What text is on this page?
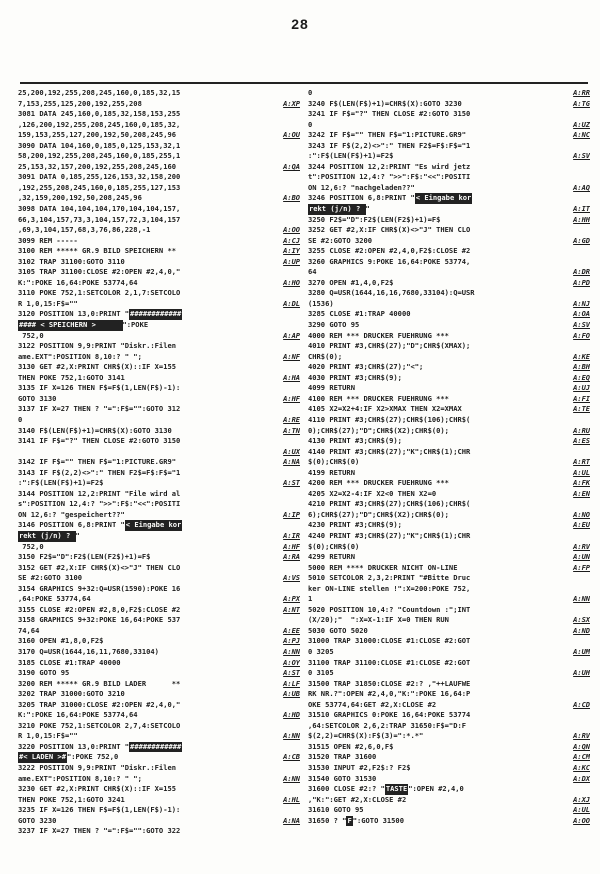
28
25,200,192,255,208,245,160,0,185,32,15
7,153,255,125,200,192,255,208	A:XP
3081 DATA 245,160,0,185,32,158,153,255
,126,200,192,255,208,245,160,0,185,32,
159,153,255,127,200,192,50,208,245,96	A:OU
3090 DATA 104,160,0,185,0,125,153,32,1
58,200,192,255,208,245,160,0,185,255,1
25,153,32,157,200,192,255,208,245,160	A:QA
3091 DATA 0,185,255,126,153,32,158,200
,192,255,208,245,160,0,185,255,127,153
,32,159,200,192,50,208,245,96	A:BO
3098 DATA 104,104,104,170,104,104,157,
66,3,104,157,73,3,104,157,72,3,104,157
,69,3,104,157,68,3,76,86,228,-1	A:OO
3099 REM -----	A:CJ
3100 REM ***** GR.9 BILD SPEICHERN **	A:IY
3102 TRAP 31100:GOTO 3110	A:UP
3105 TRAP 31100:CLOSE #2:OPEN #2,4,0,"
K:":POKE 16,64:POKE 53774,64	A:HO
3110 POKE 752,1:SETCOLOR 2,1,7:SETCOLO
R 1,0,15:F$=""	A:DL
3120 POSITION 13,0:PRINT "############
#### < SPEICHERN >      ":POKE
752,0	A:AP
3122 POSITION 9,9:PRINT "Diskr.:Filen
ame.EXT":POSITION 8,10:? " ";	A:NF
3130 GET #2,X:PRINT CHR$(X)::IF X=155
THEN POKE 752,1:GOTO 3141	A:HA
3135 IF X=126 THEN F$=F$(1,LEN(F$)-1):
GOTO 3130	A:HF
3137 IF X=27 THEN ? "=":F$="":GOTO 312
0	A:RE
3140 F$(LEN(F$)+1)=CHR$(X):GOTO 3130	A:TN
3141 IF F$="?" THEN CLOSE #2:GOTO 3150
A:UX
3142 IF F$="" THEN F$="1:PICTURE.GR9"	A:NA
3143 IF F$(2,2)<>":" THEN F2$=F$:F$="1
:":F$(LEN(F$)+1)=F2$	A:ST
3144 POSITION 12,2:PRINT "File wird al
s":POSITION 12,4:? ">>":F$:"<<":POSITI
ON 12,6:? "gespeichert??"	A:IP
3146 POSITION 6,8:PRINT "< Eingabe kor
rekt (j/n) ? "	A:IR
752,0	A:HF
3150 F2$="D":F2$(LEN(F2$)+1)=F$	A:RA
3152 GET #2,X:IF CHR$(X)<>"J" THEN CLO
SE #2:GOTO 3100	A:VS
3154 GRAPHICS 9+32:Q=USR(1590):POKE 16
,64:POKE 53774,64	A:PX
3155 CLOSE #2:OPEN #2,8,0,F2$:CLOSE #2	A:NT
3158 GRAPHICS 9+32:POKE 16,64:POKE 537
74,64	A:EE
3160 OPEN #1,8,0,F2$	A:PJ
3170 Q=USR(1644,16,11,7680,33104)	A:NN
3185 CLOSE #1:TRAP 40000	A:OY
3190 GOTO 95	A:ST
3200 REM ***** GR.9 BILD LADER      **	A:LF
3202 TRAP 31000:GOTO 3210	A:UB
3205 TRAP 31000:CLOSE #2:OPEN #2,4,0,"
K:":POKE 16,64:POKE 53774,64	A:HD
3210 POKE 752,1:SETCOLOR 2,7,4:SETCOLO
R 1,0,15:F$=""	A:NN
3220 POSITION 13,0:PRINT "############
#< LADEN >#":POKE 752,0	A:CB
3222 POSITION 9,9:PRINT "Diskr.:Filen
ame.EXT":POSITION 8,10:? " ";	A:NN
3230 GET #2,X:PRINT CHR$(X)::IF X=155
THEN POKE 752,1:GOTO 3241	A:HL
3235 IF X=126 THEN F$=F$(1,LEN(F$)-1):
GOTO 3230	A:NA
3237 IF X=27 THEN ? "=":F$="":GOTO 322
0	A:RR
3240 F$(LEN(F$)+1)=CHR$(X):GOTO 3230	A:TG
3241 IF F$="?" THEN CLOSE #2:GOTO 3150
0	A:UZ
3242 IF F$="" THEN F$="1:PICTURE.GR9"	A:NC
3243 IF F$(2,2)<>":" THEN F2$=F$:F$="1
:":F$(LEN(F$)+1)=F2$	A:SV
3244 POSITION 12,2:PRINT "Es wird jetz
t":POSITION 12,4:? ">>":F$:"<<":POSITI
ON 12,6:? "nachgeladen??"	A:AQ
3246 POSITION 6,8:PRINT "< Eingabe kor
rekt (j/n) ? "	A:IT
3250 F2$="D":F2$(LEN(F2$)+1)=F$	A:HH
3252 GET #2,X:IF CHR$(X)<>"J" THEN CLO
SE #2:GOTO 3200	A:GD
3255 CLOSE #2:OPEN #2,4,0,F2$:CLOSE #2
3260 GRAPHICS 9:POKE 16,64:POKE 53774,
64	A:DR
3270 OPEN #1,4,0,F2$	A:PD
3280 Q=USR(1644,16,16,7680,33104):Q=USR
(1536)	A:NJ
3285 CLOSE #1:TRAP 40000	A:OA
3290 GOTO 95	A:SV
4000 REM *** DRUCKER FUEHRUNG ***	A:FO
4010 PRINT #3,CHR$(27);"D";CHR$(XMAX);
CHR$(0);	A:KE
4020 PRINT #3;CHR$(27);"<";	A:BH
4030 PRINT #3;CHR$(9);	A:EQ
4099 RETURN	A:UJ
4100 REM *** DRUCKER FUEHRUNG ***	A:FI
4105 X2=X2+4:IF X2>XMAX THEN X2=XMAX	A:TE
4110 PRINT #3;CHR$(27);CHR$(106);CHR$(
0);CHR$(27);"D";CHR$(X2);CHR$(0);	A:RU
4130 PRINT #3;CHR$(9);	A:ES
4140 PRINT #3;CHR$(27);"K";CHR$(1);CHR
$(0);CHR$(0)	A:RT
4199 RETURN	A:UL
4200 REM *** DRUCKER FUEHRUNG ***	A:FK
4205 X2=X2-4:IF X2<0 THEN X2=0	A:EN
4210 PRINT #3;CHR$(27);CHR$(106);CHR$(
6);CHR$(27);"D";CHR$(X2);CHR$(0);	A:NO
4230 PRINT #3;CHR$(9);	A:EU
4240 PRINT #3;CHR$(27);"K";CHR$(1);CHR
$(0);CHR$(0)	A:RV
4299 RETURN	A:UN
5000 REM **** DRUCKER NICHT ON-LINE	A:FP
5010 SETCOLOR 2,3,2:PRINT "#Bitte Druc
ker ON-LINE stellen !":X=200:POKE 752,
1	A:NN
5020 POSITION 10,4:? "Countdown :";INT
(X/20);"  ":X=X-1:IF X=0 THEN RUN	A:SX
5030 GOTO 5020	A:ND
31000 TRAP 31000:CLOSE #1:CLOSE #2:GOT
0 3205	A:UM
31100 TRAP 31100:CLOSE #1:CLOSE #2:GOT
0 3105	A:UH
31500 TRAP 31850:CLOSE #2:? ,"++LAUFWE
RK NR.?":OPEN #2,4,0,"K:":POKE 16,64:P
OKE 53774,64:GET #2,X:CLOSE #2	A:CD
31510 GRAPHICS 0:POKE 16,64:POKE 53774
,64:SETCOLOR 2,6,2:TRAP 31650:F$="D:F
$(2,2)=CHR$(X):F$(3)=":*.*"	A:RV
31515 OPEN #2,6,0,F$	A:QN
31520 TRAP 31600	A:CM
31530 INPUT #2,F2$:? F2$	A:KC
31540 GOTO 31530	A:DX
31600 CLOSE #2:? "TASTE":OPEN #2,4,0
,"K:":GET #2,X:CLOSE #2	A:XJ
31610 GOTO 95	A:UL
31650 ? "F":GOTO 31500	A:OO
